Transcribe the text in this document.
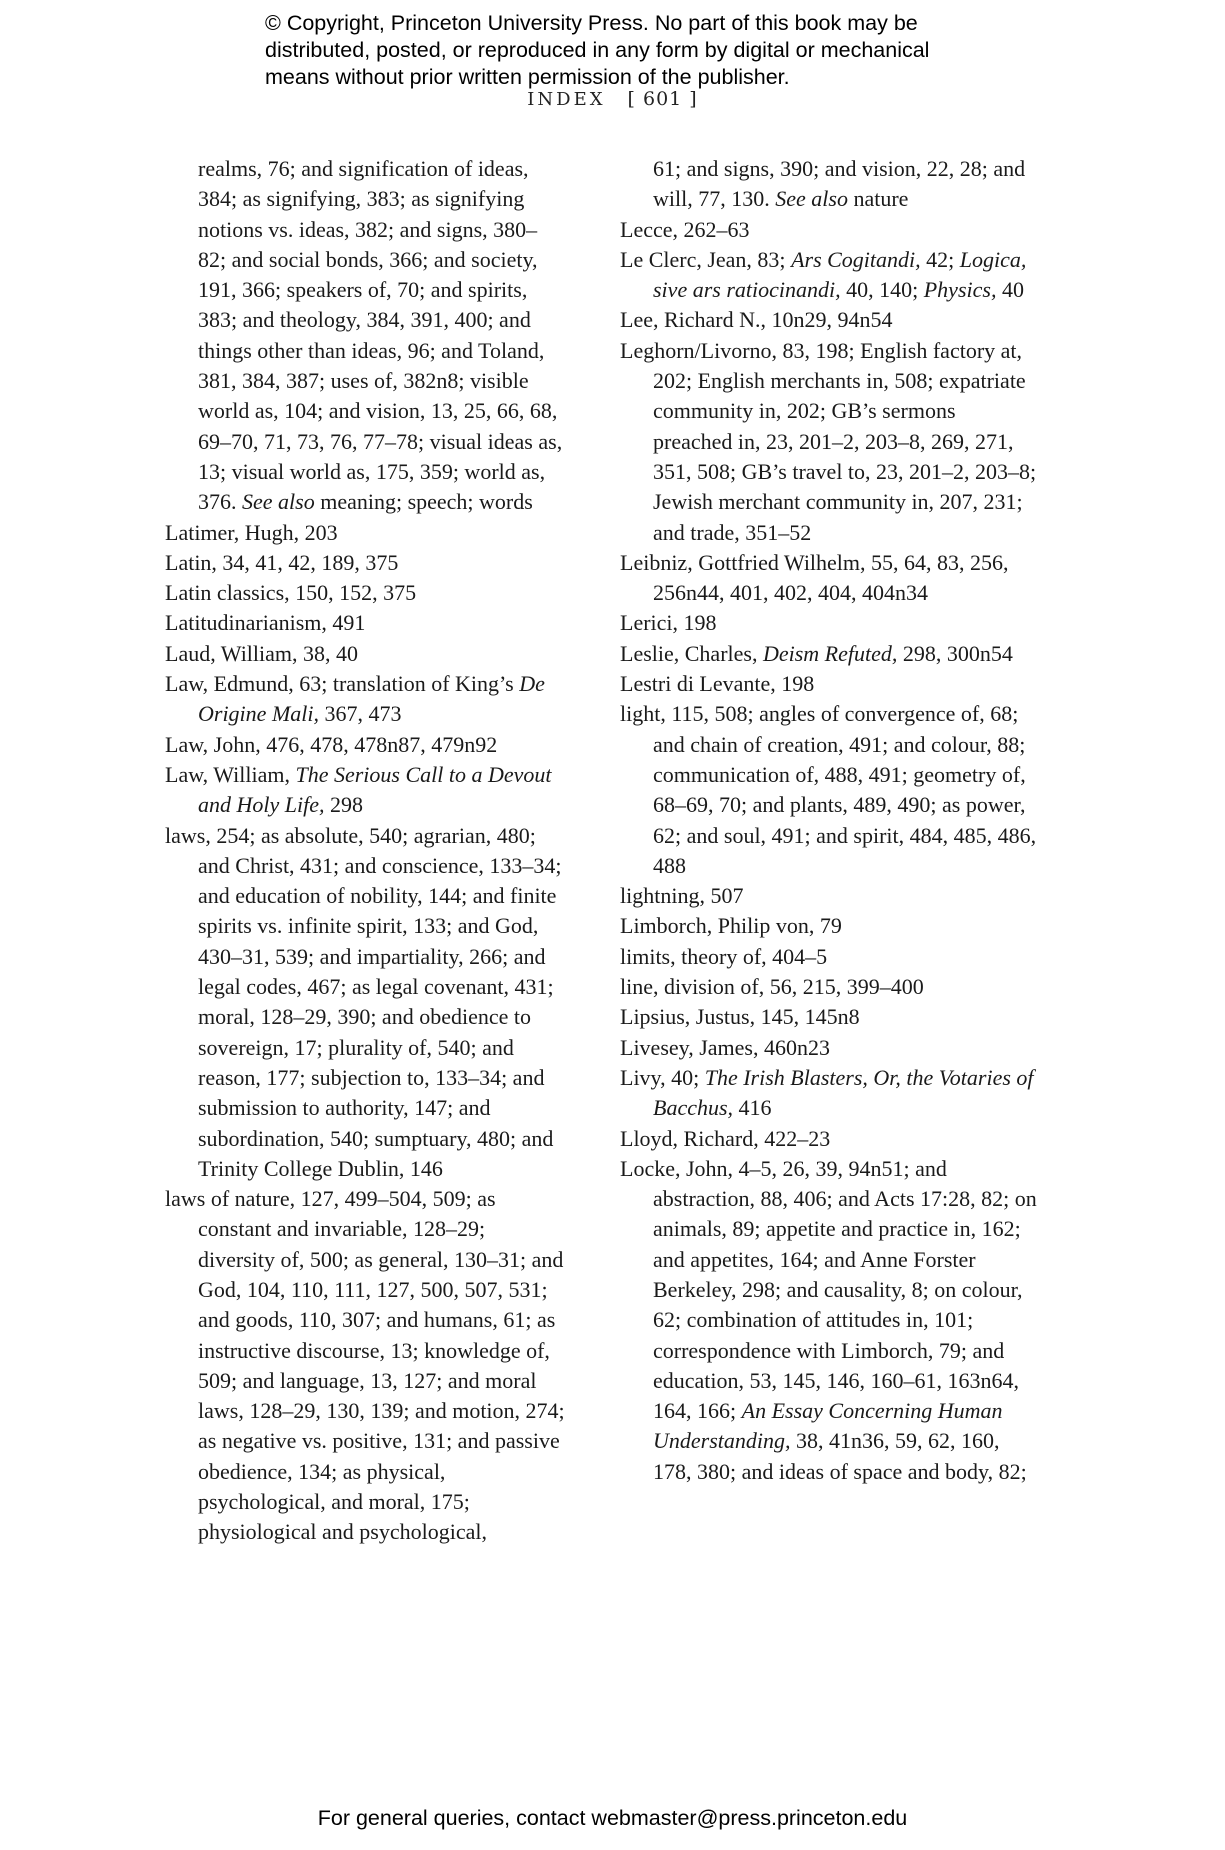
© Copyright, Princeton University Press. No part of this book may be
distributed, posted, or reproduced in any form by digital or mechanical
means without prior written permission of the publisher.
INDEX [ 601 ]

realms, 76; and signification of ideas, 384; as signifying, 383; as signifying notions vs. ideas, 382; and signs, 380–82; and social bonds, 366; and society, 191, 366; speakers of, 70; and spirits, 383; and theology, 384, 391, 400; and things other than ideas, 96; and Toland, 381, 384, 387; uses of, 382n8; visible world as, 104; and vision, 13, 25, 66, 68, 69–70, 71, 73, 76, 77–78; visual ideas as, 13; visual world as, 175, 359; world as, 376. See also meaning; speech; words

Latimer, Hugh, 203

Latin, 34, 41, 42, 189, 375

Latin classics, 150, 152, 375

Latitudinarianism, 491

Laud, William, 38, 40

Law, Edmund, 63; translation of King’s De Origine Mali, 367, 473

Law, John, 476, 478, 478n87, 479n92

Law, William, The Serious Call to a Devout and Holy Life, 298

laws, 254; as absolute, 540; agrarian, 480; and Christ, 431; and conscience, 133–34; and education of nobility, 144; and finite spirits vs. infinite spirit, 133; and God, 430–31, 539; and impartiality, 266; and legal codes, 467; as legal covenant, 431; moral, 128–29, 390; and obedience to sovereign, 17; plurality of, 540; and reason, 177; subjection to, 133–34; and submission to authority, 147; and subordination, 540; sumptuary, 480; and Trinity College Dublin, 146

laws of nature, 127, 499–504, 509; as constant and invariable, 128–29; diversity of, 500; as general, 130–31; and God, 104, 110, 111, 127, 500, 507, 531; and goods, 110, 307; and humans, 61; as instructive discourse, 13; knowledge of, 509; and language, 13, 127; and moral laws, 128–29, 130, 139; and motion, 274; as negative vs. positive, 131; and passive obedience, 134; as physical, psychological, and moral, 175; physiological and psychological,

61; and signs, 390; and vision, 22, 28; and will, 77, 130. See also nature

Lecce, 262–63

Le Clerc, Jean, 83; Ars Cogitandi, 42; Logica, sive ars ratiocinandi, 40, 140; Physics, 40

Lee, Richard N., 10n29, 94n54

Leghorn/Livorno, 83, 198; English factory at, 202; English merchants in, 508; expatriate community in, 202; GB’s sermons preached in, 23, 201–2, 203–8, 269, 271, 351, 508; GB’s travel to, 23, 201–2, 203–8; Jewish merchant community in, 207, 231; and trade, 351–52

Leibniz, Gottfried Wilhelm, 55, 64, 83, 256, 256n44, 401, 402, 404, 404n34

Lerici, 198

Leslie, Charles, Deism Refuted, 298, 300n54

Lestri di Levante, 198

light, 115, 508; angles of convergence of, 68; and chain of creation, 491; and colour, 88; communication of, 488, 491; geometry of, 68–69, 70; and plants, 489, 490; as power, 62; and soul, 491; and spirit, 484, 485, 486, 488

lightning, 507

Limborch, Philip von, 79

limits, theory of, 404–5

line, division of, 56, 215, 399–400

Lipsius, Justus, 145, 145n8

Livesey, James, 460n23

Livy, 40; The Irish Blasters, Or, the Votaries of Bacchus, 416

Lloyd, Richard, 422–23

Locke, John, 4–5, 26, 39, 94n51; and abstraction, 88, 406; and Acts 17:28, 82; on animals, 89; appetite and practice in, 162; and appetites, 164; and Anne Forster Berkeley, 298; and causality, 8; on colour, 62; combination of attitudes in, 101; correspondence with Limborch, 79; and education, 53, 145, 146, 160–61, 163n64, 164, 166; An Essay Concerning Human Understanding, 38, 41n36, 59, 62, 160, 178, 380; and ideas of space and body, 82;

For general queries, contact webmaster@press.princeton.edu
